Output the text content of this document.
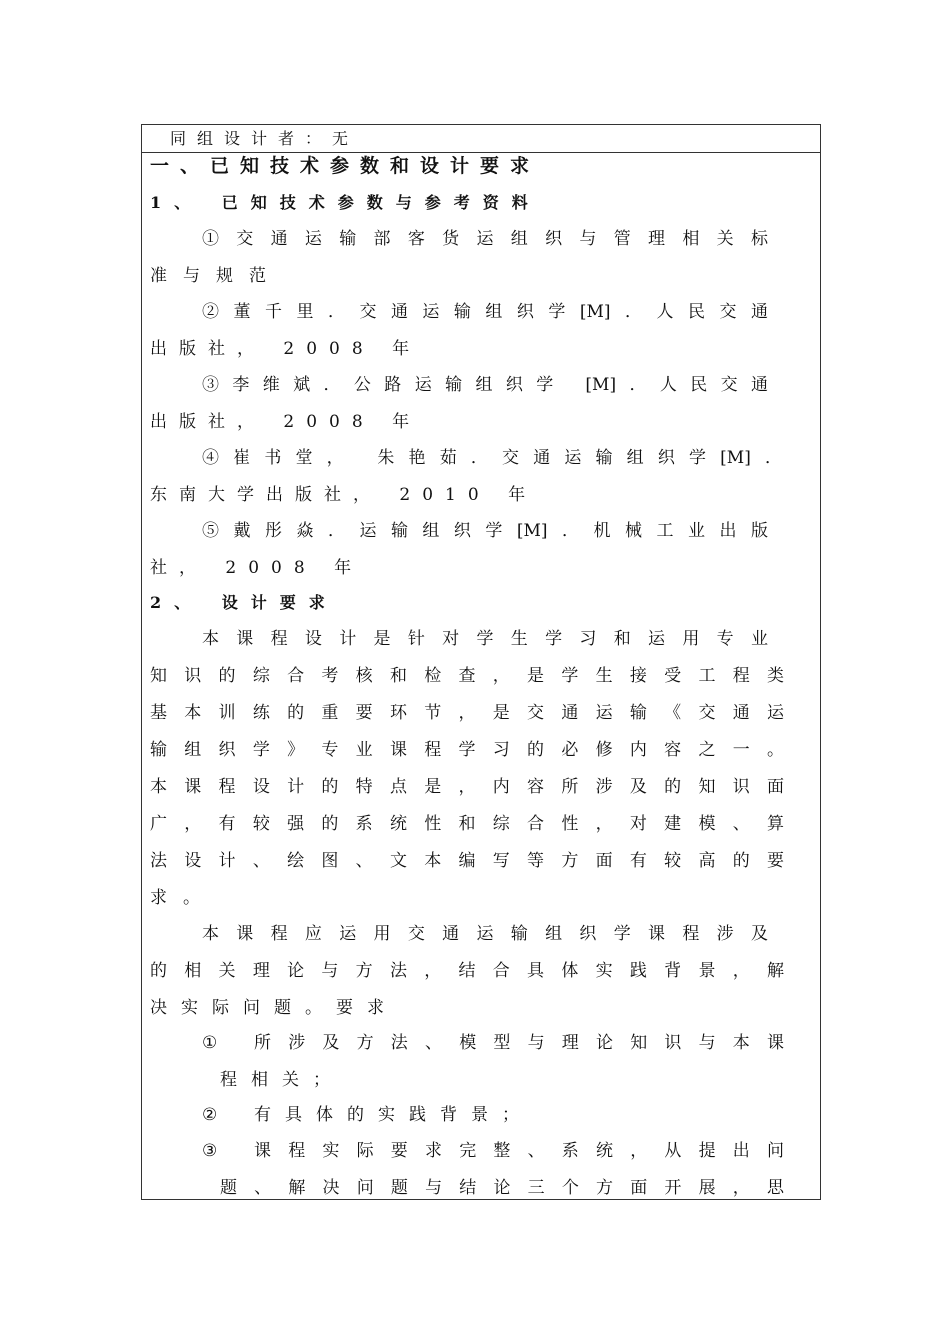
同组设计者：无
一、已知技术参数和设计要求
1、 已知技术参数与参考资料
①交通运输部客货运组织与管理相关标
准与规范
②董千里．交通运输组织学[M]．人民交通
出版社， 2008 年
③李维斌．公路运输组织学 [M]．人民交通
出版社， 2008 年
④崔书堂， 朱艳茹．交通运输组织学[M]．
东南大学出版社， 2010 年
⑤戴彤焱．运输组织学[M]．机械工业出版
社， 2008 年
2、 设计要求
本课程设计是针对学生学习和运用专业
知识的综合考核和检查，是学生接受工程类
基本训练的重要环节，是交通运输《交通运
输组织学》专业课程学习的必修内容之一。
本课程设计的特点是，内容所涉及的知识面
广，有较强的系统性和综合性，对建模、算
法设计、绘图、文本编写等方面有较高的要
求。
本课程应运用交通运输组织学课程涉及
的相关理论与方法，结合具体实践背景，解
决实际问题。要求
① 所涉及方法、模型与理论知识与本课
程相关；
② 有具体的实践背景；
③ 课程实际要求完整、系统，从提出问
题、解决问题与结论三个方面开展，思
